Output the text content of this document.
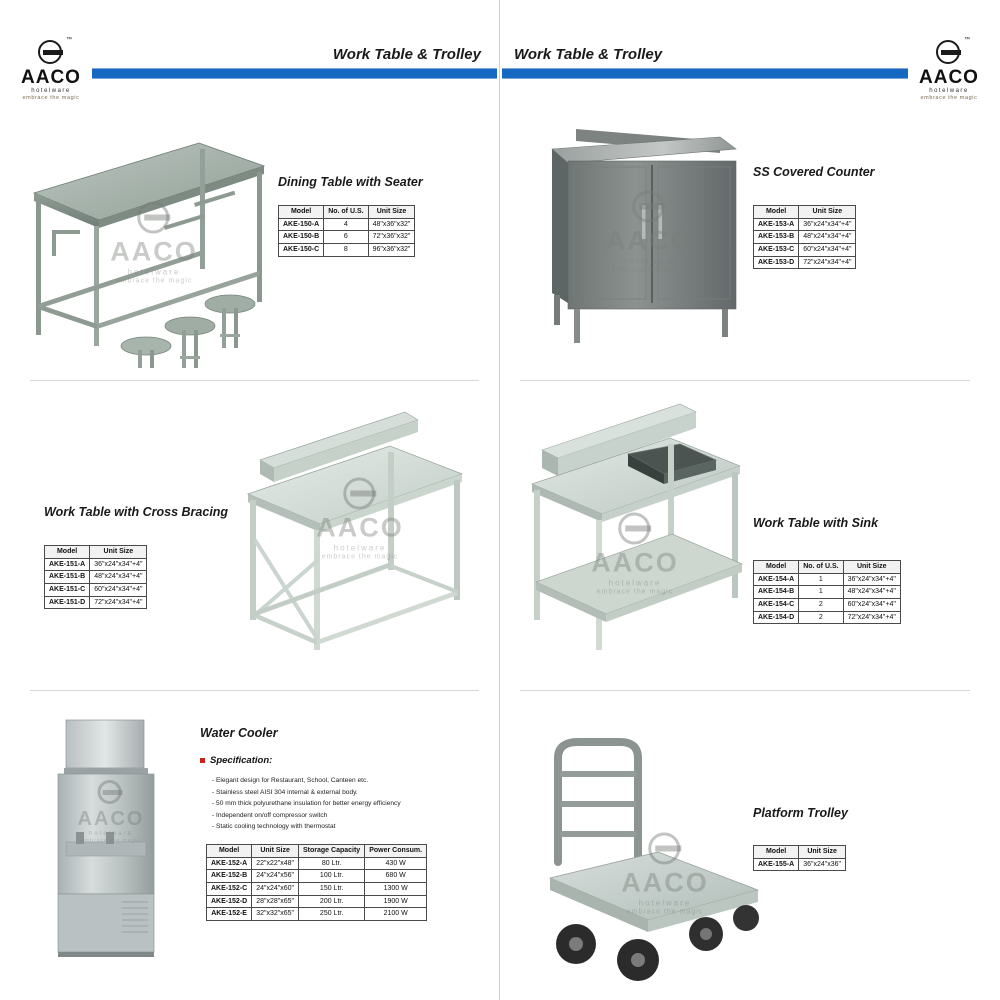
™
AACO
hotelware
embrace the magic
Work Table & Trolley
AACO
hotelware
embrace the magic
Dining Table with Seater
Model	No. of U.S.	Unit Size
AKE-150-A	4	48"x36"x32"
AKE-150-B	6	72"x36"x32"
AKE-150-C	8	96"x36"x32"
Work Table with Cross Bracing
Model	Unit Size
AKE-151-A	36"x24"x34"+4"
AKE-151-B	48"x24"x34"+4"
AKE-151-C	60"x24"x34"+4"
AKE-151-D	72"x24"x34"+4"
AACO
hotelware
embrace the magic
AACO
hotelware
embrace the magic
Water Cooler
Specification:
- Elegant design for Restaurant, School, Canteen etc.
- Stainless steel AISI 304 internal & external body.
- 50 mm thick polyurethane insulation for better energy efficiency
- Independent on/off compressor switch
- Static cooling technology with thermostat
Model	Unit Size	Storage Capacity	Power Consum.
AKE-152-A	22"x22"x48"	80 Ltr.	430 W
AKE-152-B	24"x24"x56"	100 Ltr.	680 W
AKE-152-C	24"x24"x60"	150 Ltr.	1300 W
AKE-152-D	28"x28"x65"	200 Ltr.	1900 W
AKE-152-E	32"x32"x65"	250 Ltr.	2100 W
™
AACO
hotelware
embrace the magic
Work Table & Trolley
AACO
hotelware
embrace the magic
SS Covered Counter
Model	Unit Size
AKE-153-A	36"x24"x34"+4"
AKE-153-B	48"x24"x34"+4"
AKE-153-C	60"x24"x34"+4"
AKE-153-D	72"x24"x34"+4"
AACO
hotelware
embrace the magic
Work Table with Sink
Model	No. of U.S.	Unit Size
AKE-154-A	1	36"x24"x34"+4"
AKE-154-B	1	48"x24"x34"+4"
AKE-154-C	2	60"x24"x34"+4"
AKE-154-D	2	72"x24"x34"+4"
AACO
hotelware
embrace the magic
Platform Trolley
Model	Unit Size
AKE-155-A	36"x24"x36"
